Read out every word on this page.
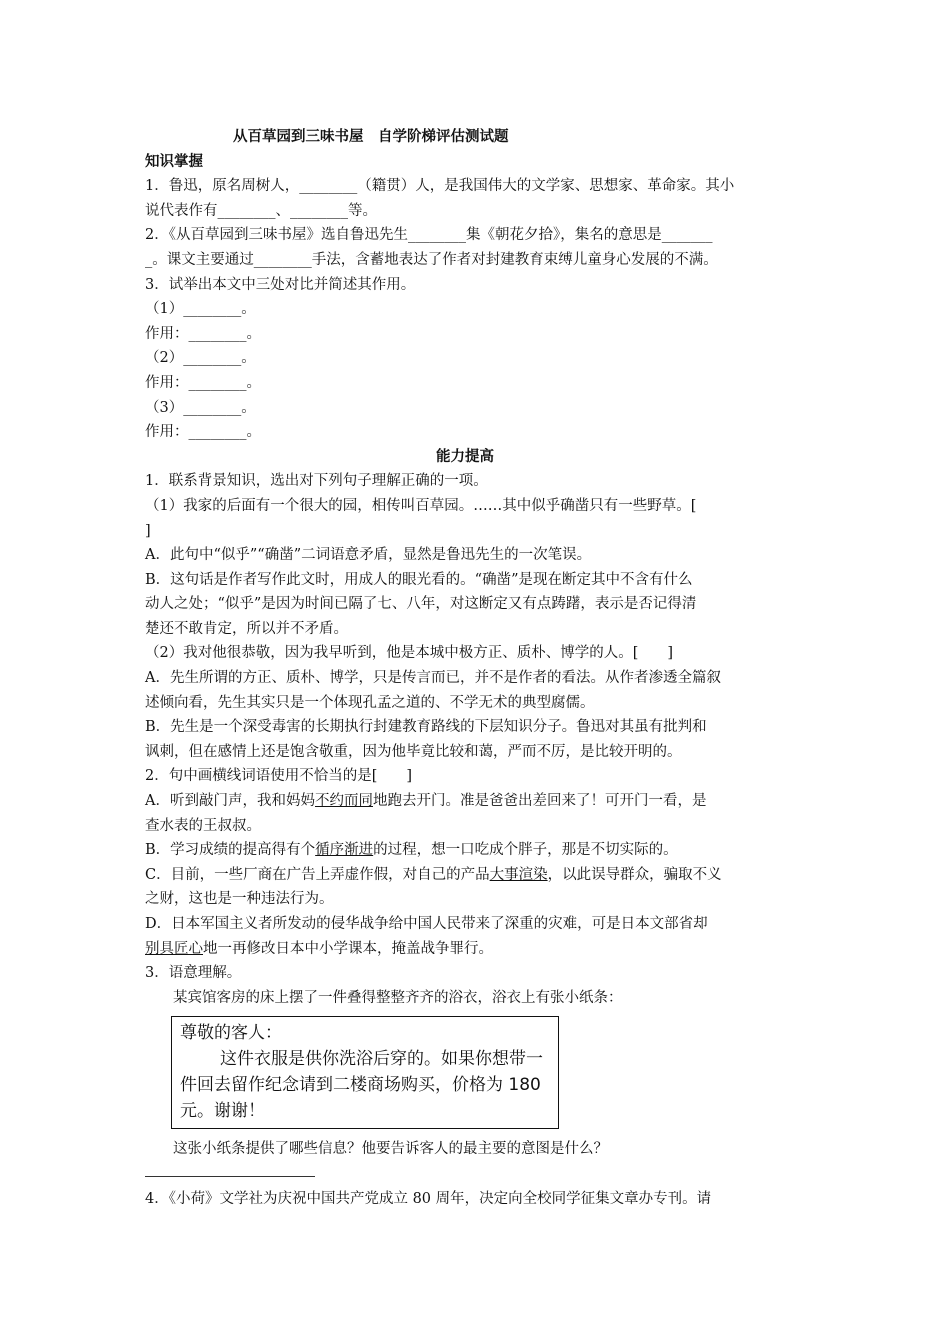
从百草园到三味书屋　自学阶梯评估测试题
知识掌握
1．鲁迅，原名周树人，________（籍贯）人，是我国伟大的文学家、思想家、革命家。其小
说代表作有________、________等。
2．《从百草园到三味书屋》选自鲁迅先生________集《朝花夕拾》，集名的意思是_______
_。课文主要通过________手法，含蓄地表达了作者对封建教育束缚儿童身心发展的不满。
3．试举出本文中三处对比并简述其作用。
（1）________。
作用：________。
（2）________。
作用：________。
（3）________。
作用：________。
能力提高
1．联系背景知识，选出对下列句子理解正确的一项。
（1）我家的后面有一个很大的园，相传叫百草园。……其中似乎确凿只有一些野草。[
]
A．此句中“似乎”“确凿”二词语意矛盾，显然是鲁迅先生的一次笔误。
B．这句话是作者写作此文时，用成人的眼光看的。“确凿”是现在断定其中不含有什么
动人之处；“似乎”是因为时间已隔了七、八年，对这断定又有点踌躇，表示是否记得清
楚还不敢肯定，所以并不矛盾。
（2）我对他很恭敬，因为我早听到，他是本城中极方正、质朴、博学的人。[　　]
A．先生所谓的方正、质朴、博学，只是传言而已，并不是作者的看法。从作者渗透全篇叙
述倾向看，先生其实只是一个体现孔孟之道的、不学无术的典型腐儒。
B．先生是一个深受毒害的长期执行封建教育路线的下层知识分子。鲁迅对其虽有批判和
讽刺，但在感情上还是饱含敬重，因为他毕竟比较和蔼，严而不厉，是比较开明的。
2．句中画横线词语使用不恰当的是[　　]
A．听到敲门声，我和妈妈不约而同地跑去开门。准是爸爸出差回来了！可开门一看，是
查水表的王叔叔。
B．学习成绩的提高得有个循序渐进的过程，想一口吃成个胖子，那是不切实际的。
C．目前，一些厂商在广告上弄虚作假，对自己的产品大事渲染，以此误导群众，骗取不义
之财，这也是一种违法行为。
D．日本军国主义者所发动的侵华战争给中国人民带来了深重的灾难，可是日本文部省却
别具匠心地一再修改日本中小学课本，掩盖战争罪行。
3．语意理解。
某宾馆客房的床上摆了一件叠得整整齐齐的浴衣，浴衣上有张小纸条：
尊敬的客人：
这件衣服是供你洗浴后穿的。如果你想带一件回去留作纪念请到二楼商场购买，价格为 180 元。谢谢！
这张小纸条提供了哪些信息？他要告诉客人的最主要的意图是什么？
4．《小荷》文学社为庆祝中国共产党成立 80 周年，决定向全校同学征集文章办专刊。请
